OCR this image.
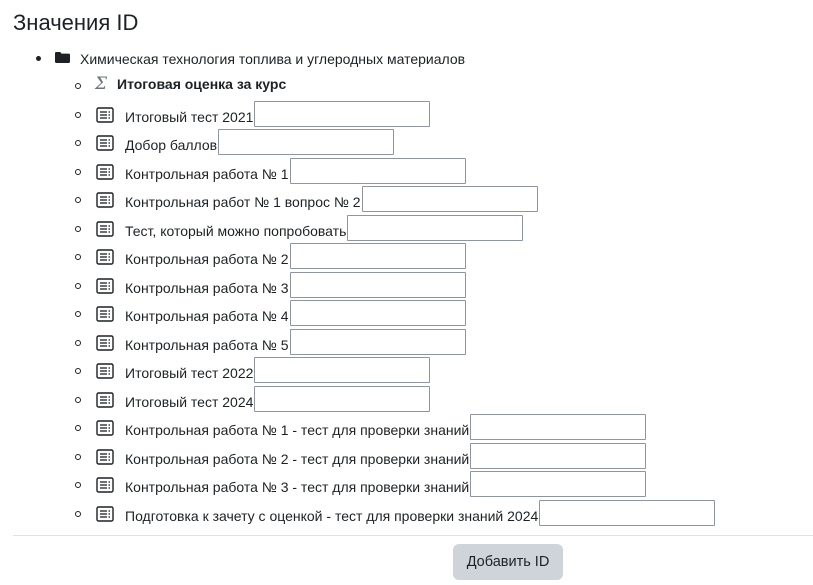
Значения ID
Химическая технология топлива и углеродных материалов
Σ Итоговая оценка за курс
Итоговый тест 2021
Добор баллов
Контрольная работа № 1
Контрольная работ № 1 вопрос № 2
Тест, который можно попробовать
Контрольная работа № 2
Контрольная работа № 3
Контрольная работа № 4
Контрольная работа № 5
Итоговый тест 2022
Итоговый тест 2024
Контрольная работа № 1 - тест для проверки знаний
Контрольная работа № 2 - тест для проверки знаний
Контрольная работа № 3 - тест для проверки знаний
Подготовка к зачету с оценкой - тест для проверки знаний 2024
Добавить ID
